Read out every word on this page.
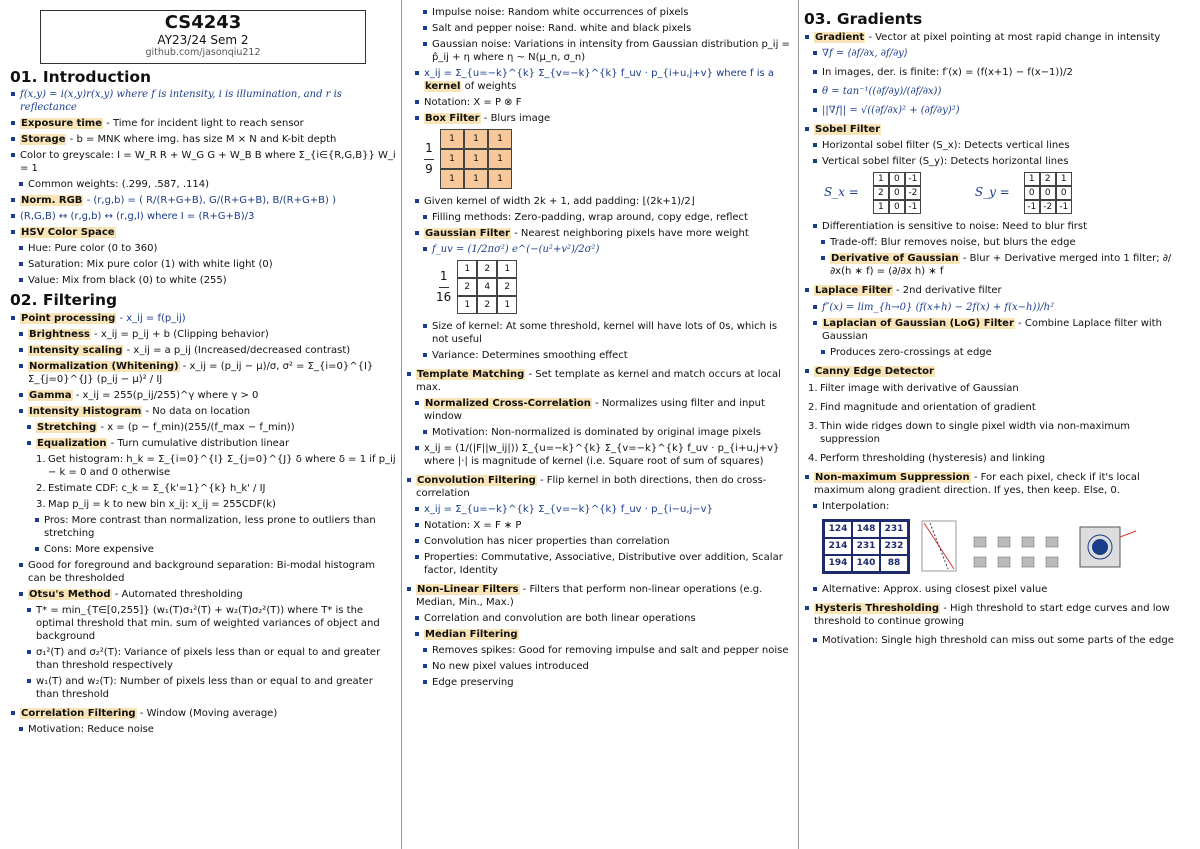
CS4243
AY23/24 Sem 2
github.com/jasonqiu212
01. Introduction
f(x,y) = i(x,y)r(x,y) where f is intensity, i is illumination, and r is reflectance
Exposure time - Time for incident light to reach sensor
Storage - b = MNK where img. has size M × N and K-bit depth
Color to greyscale: I = W_R R + W_G G + W_B B where Σ_{i∈{R,G,B}} W_i = 1
Common weights: (.299, .587, .114)
Norm. RGB - (r,g,b) = ( R/(R+G+B), G/(R+G+B), B/(R+G+B) )
(R,G,B) ↔ (r,g,b) ↔ (r,g,I) where I = (R+G+B)/3
HSV Color Space
Hue: Pure color (0 to 360)
Saturation: Mix pure color (1) with white light (0)
Value: Mix from black (0) to white (255)
02. Filtering
Point processing - x_ij = f(p_ij)
Brightness - x_ij = p_ij + b (Clipping behavior)
Intensity scaling - x_ij = a p_ij (Increased/decreased contrast)
Normalization (Whitening) - x_ij = (p_ij − μ)/σ, σ² = Σ_{i=0}^{I} Σ_{j=0}^{J} (p_ij − μ)² / IJ
Gamma - x_ij = 255(p_ij/255)^γ where γ > 0
Intensity Histogram - No data on location
Stretching - x = (p − f_min)(255/(f_max − f_min))
Equalization - Turn cumulative distribution linear
1. Get histogram: h_k = Σ_{i=0}^{I} Σ_{j=0}^{J} δ where δ = 1 if p_ij − k = 0 and 0 otherwise
2. Estimate CDF: c_k = Σ_{k'=1}^{k} h_k' / IJ
3. Map p_ij = k to new bin x_ij: x_ij = 255CDF(k)
Pros: More contrast than normalization, less prone to outliers than stretching
Cons: More expensive
Good for foreground and background separation: Bi-modal histogram can be thresholded
Otsu's Method - Automated thresholding
T* = min_{T∈[0,255]} (w₁(T)σ₁²(T) + w₂(T)σ₂²(T)) where T* is the optimal threshold that min. sum of weighted variances of object and background
σ₁²(T) and σ₂²(T): Variance of pixels less than or equal to and greater than threshold respectively
w₁(T) and w₂(T): Number of pixels less than or equal to and greater than threshold
Correlation Filtering - Window (Moving average)
Motivation: Reduce noise
Impulse noise: Random white occurrences of pixels
Salt and pepper noise: Rand. white and black pixels
Gaussian noise: Variations in intensity from Gaussian distribution p_ij = p̂_ij + η where η ~ N(μ_n, σ_n)
x_ij = Σ_{u=−k}^{k} Σ_{v=−k}^{k} f_uv · p_{i+u,j+v} where f is a kernel of weights
Notation: X = P ⊗ F
Box Filter - Blurs image
$\frac{1}{9}$
1	1	1
1	1	1
1	1	1
Given kernel of width 2k + 1, add padding: ⌊(2k+1)/2⌋
Filling methods: Zero-padding, wrap around, copy edge, reflect
Gaussian Filter - Nearest neighboring pixels have more weight
f_uv = (1/2πσ²) e^(−(u²+v²)/2σ²)
$\frac{1}{16}$	1	2	1
2	4	2
1	2	1
Size of kernel: At some threshold, kernel will have lots of 0s, which is not useful
Variance: Determines smoothing effect
Template Matching - Set template as kernel and match occurs at local max.
Normalized Cross-Correlation - Normalizes using filter and input window
Motivation: Non-normalized is dominated by original image pixels
x_ij = (1/(|F||w_ij|)) Σ_{u=−k}^{k} Σ_{v=−k}^{k} f_uv · p_{i+u,j+v} where |·| is magnitude of kernel (i.e. Square root of sum of squares)
Convolution Filtering - Flip kernel in both directions, then do cross-correlation
x_ij = Σ_{u=−k}^{k} Σ_{v=−k}^{k} f_uv · p_{i−u,j−v}
Notation: X = F ∗ P
Convolution has nicer properties than correlation
Properties: Commutative, Associative, Distributive over addition, Scalar factor, Identity
Non-Linear Filters - Filters that perform non-linear operations (e.g. Median, Min., Max.)
Correlation and convolution are both linear operations
Median Filtering
Removes spikes: Good for removing impulse and salt and pepper noise
No new pixel values introduced
Edge preserving
03. Gradients
Gradient - Vector at pixel pointing at most rapid change in intensity
∇f = ⟨∂f/∂x, ∂f/∂y⟩
In images, der. is finite: f′(x) = (f(x+1) − f(x−1))/2
θ = tan⁻¹((∂f/∂y)/(∂f/∂x))
||∇f|| = √((∂f/∂x)² + (∂f/∂y)²)
Sobel Filter
Horizontal sobel filter (S_x): Detects vertical lines
Vertical sobel filter (S_y): Detects horizontal lines
S_x =
1	0 -1
2	0 -2
1	0 -1
S_y =
1	2	1
0	0	0
-1 -2 -1
Differentiation is sensitive to noise: Need to blur first
Trade-off: Blur removes noise, but blurs the edge
Derivative of Gaussian - Blur + Derivative merged into 1 filter; ∂/∂x(h ∗ f) = (∂/∂x h) ∗ f
Laplace Filter - 2nd derivative filter
f″(x) = lim_{h→0} (f(x+h) − 2f(x) + f(x−h))/h²
Laplacian of Gaussian (LoG) Filter - Combine Laplace filter with Gaussian
Produces zero-crossings at edge
Canny Edge Detector
1. Filter image with derivative of Gaussian
2. Find magnitude and orientation of gradient
3. Thin wide ridges down to single pixel width via non-maximum suppression
4. Perform thresholding (hysteresis) and linking
Non-maximum Suppression - For each pixel, check if it's local maximum along gradient direction. If yes, then keep. Else, 0.
Interpolation:
124	148	231
214	231	232
194	140	88
Alternative: Approx. using closest pixel value
Hysteris Thresholding - High threshold to start edge curves and low threshold to continue growing
Motivation: Single high threshold can miss out some parts of the edge
